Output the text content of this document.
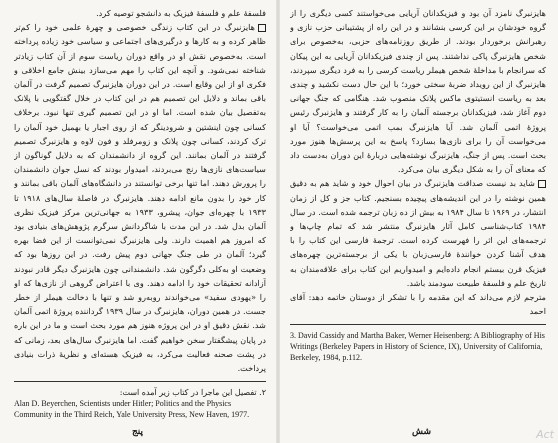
فلسفهٔ علم و فلسفهٔ فیزیک به دانشجو توصیه کرد.

هایزنبرگ در این کتاب زندگی خصوصی و چهرهٔ علمی خود را کم‌تر ظاهر کرده و به کارها و درگیری‌های اجتماعی و سیاسی خود زیاده پرداخته است. به‌خصوص نقش او در واقع دوران ریاست سوم از آن کتاب زیادتر شناخته نمی‌شود. و آنچه این کتاب را مهم می‌سازد بینش جامع اخلاقی و فکری او از این وقایع است. در این دوران هایزنبرگ تصمیم گرفت در آلمان باقی بماند و دلایل این تصمیم هم در این کتاب در خلال گفتگویی با پلانک به‌تفصیل بیان شده است. اما او در این تصمیم گیری تنها نبود. برخلاف کسانی چون اینشتین و شرودینگر که از روی اجبار یا بهمیل خود آلمان را ترک کردند، کسانی چون پلانک و زومرفلد و فون لاوه و هایزنبرگ تصمیم گرفتند در آلمان بمانند. این گروه از دانشمندان که به دلایل گوناگون از سیاست‌های نازی‌ها رنج می‌بردند، امیدوار بودند که نسل جوان دانشمندان را پرورش دهند. اما تنها برخی توانستند در دانشگاه‌های آلمان باقی بمانند و کار خود را بدون مانع ادامه دهند. هایزنبرگ در فاصلهٔ سال‌های ۱۹۱۸ تا ۱۹۳۳ با چهره‌ای جوان، پیشرو، ۱۹۳۳ به جهانی‌ترین مرکز فیزیک نظری آلمان بدل شد. در این مدت با شاگردانش سرگرم پژوهش‌های بنیادی بود که امروز هم اهمیت دارند. ولی هایزنبرگ نمی‌توانست از این فضا بهره گیرد؛ آلمان در طی جنگ جهانی دوم پیش رفت. در این روزها بود که وضعیت او به‌کلی دگرگون شد. دانشمندانی چون هایزنبرگ دیگر قادر نبودند آزادانه تحقیقات خود را ادامه دهند. وی با اعتراض گروهی از نازی‌ها که او را «یهودی سفید» می‌خواندند روبه‌رو شد و تنها با دخالت هیملر از خطر جست. در همین دوران، هایزنبرگ در سال ۱۹۳۹ گرداننده پروژهٔ اتمی آلمان شد. نقش دقیق او در این پروژه هنوز هم مورد بحث است و ما در این باره در پایان پیشگفتار سخن خواهیم گفت. اما هایزنبرگ سال‌های بعد، زمانی که در پشت صحنه فعالیت می‌کرد، به فیزیک هسته‌ای و نظریهٔ ذرات بنیادی پرداخت.

۲. تفصیل این ماجرا در کتاب زیر آمده است:
Alan D. Beyerchen, Scientists under Hitler; Politics and the Physics Community in the Third Reich, Yale University Press, New Haven, 1977.
پنج

هایزنبرگ نامزد آن بود و فیزیکدانان آریایی می‌خواستند کسی دیگری را از گروه خودشان بر این کرسی بنشانند و در این راه از پشتیبانی حزب نازی و رهبرانش برخوردار بودند. از طریق روزنامه‌های حزبی، به‌خصوص برای شخص هایزنبرگ پاکی نداشتند. پس از چندی فیزیکدانان آریایی به این پیکان که سرانجام با مداخلهٔ شخص هیملر ریاست کرسی را به فرد دیگری سپردند، هایزنبرگ از این رویداد ضربهٔ سختی خورد؛ با این حال دست نکشید و چندی بعد به ریاست انستیتوی ماکس پلانک منصوب شد. هنگامی که جنگ جهانی دوم آغاز شد، فیزیکدانان برجسته آلمان را به کار گرفتند و هایزنبرگ رئیس پروژهٔ اتمی آلمان شد. آیا هایزنبرگ بمب اتمی می‌خواست؟ آیا او می‌خواست آن را برای نازی‌ها بسازد؟ پاسخ به این پرسش‌ها هنوز مورد بحث است. پس از جنگ، هایزنبرگ نوشته‌هایی دربارهٔ این دوران به‌دست داد که معنای آن را به شکل دیگری بیان می‌کرد.

شاید بد نیست صداقت هایزنبرگ در بیان احوال خود و شاید هم به دقیق همین نوشته را در این اندیشه‌های پیچیده بسنجیم. کتاب جز و کل از زمان انتشار، در ۱۹۶۹ تا سال ۱۹۸۴ به بیش از ده زبان ترجمه شده است. در سال ۱۹۸۴ کتاب‌شناسی کامل آثار هایزنبرگ منتشر شد که تمام چاپ‌ها و ترجمه‌های این اثر را فهرست کرده است. ترجمهٔ فارسی این کتاب را با هدف آشنا کردن خوانندهٔ فارسی‌زبان با یکی از برجسته‌ترین چهره‌های فیزیک قرن بیستم انجام داده‌ایم و امیدواریم این کتاب برای علاقه‌مندان به تاریخ علم و فلسفهٔ طبیعت سودمند باشد.

مترجم لازم می‌داند که این مقدمه را با تشکر از دوستان خاتمه دهد: آقای احمد

3. David Cassidy and Martha Baker, Werner Heisenberg: A Bibliography of His Writings (Berkeley Papers in History of Science, IX), University of California, Berkeley, 1984, p.112.
شش	Act
